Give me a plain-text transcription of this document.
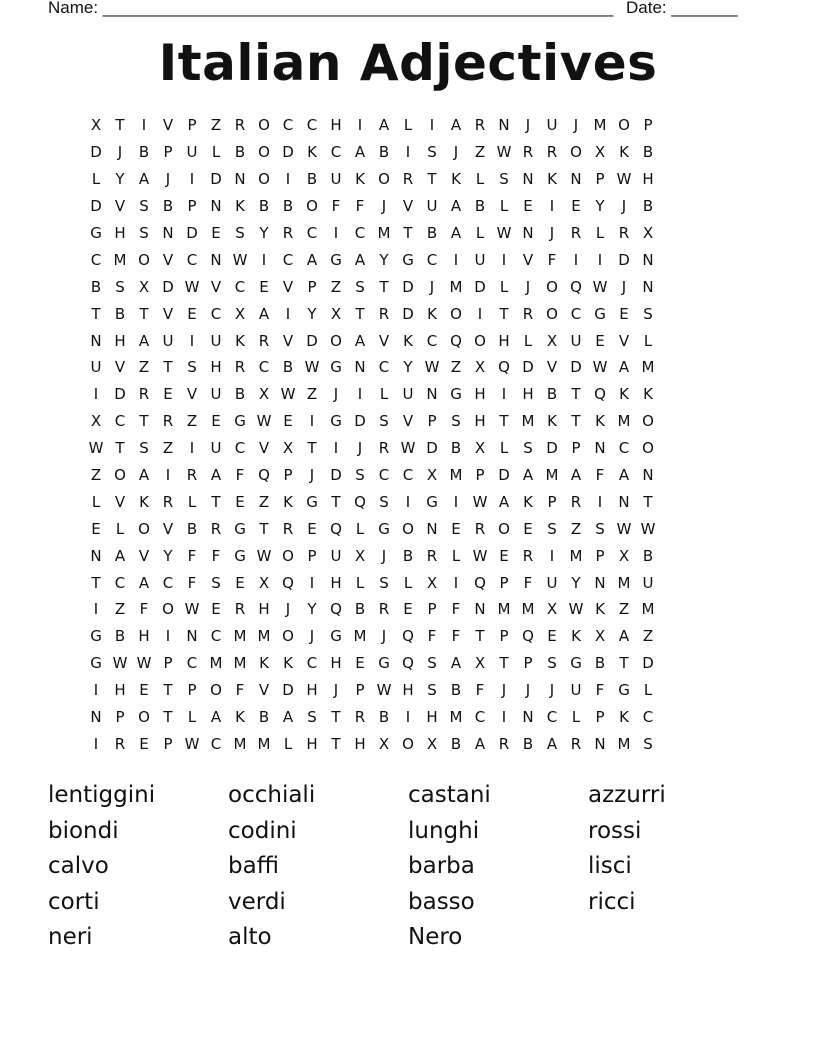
Name: ______________________________________________________ Date: _______
Italian Adjectives
X T	I	V P Z R O C C H	I	A L	I	A R N	J	U	J	M O P
D	J	B P U L B O D K C A B	I	S	J	Z W R R O X K B
L	Y A	J	I	D N O	I	B U K O R T K L	S N K N P W H
D V S B P N K B B O F	F	J	V U A B L	E	I	E Y	J	B
G H S N D E S Y R C	I	C M T B A L W N	J	R L R X
C M O V C N W I	C A G A Y G C	I	U	I	V F	I	I	D N
B S X D W V C E V P Z S T D	J	M D L	J	O Q W J	N
T B T V E C X A	I	Y X T R D K O	I	T R O C G E S
N H A U	I	U K R V D O A V K C Q O H L X U E V L
U V Z T S H R C B W G N C Y W Z X Q D V D W A M
I	D R E V U B X W Z	J	I	L U N G H	I	H B T Q K K
X C T R Z E G W E	I	G D S V P S H T M K T K M O
W T S Z	I	U C V X T	I	J	R W D B X L	S D P N C O
Z O A	I	R A F Q P	J	D S C C X M P D A M A F A N
L V K R L	T E Z K G T Q S	I	G	I W A K P R	I	N T
E	L O V B R G T R E Q L G O N E R O E S Z S W W
N A V Y	F	F G W O P U X	J	B R L W E R	I	M P X B
T C A C F S E X Q	I	H L	S	L X	I	Q P	F U Y N M U
I	Z F O W E R H	J	Y Q B R E P	F N M M X W K Z M
G B H	I	N C M M O	J	G M	J	Q F	F	T P Q E K X A Z
G W W P C M M K K C H E G Q S A X T P S G B T D
I	H E T P O F V D H	J	P W H S B F	J	J	J	U F G L
N P O T	L A K B A S T R B	I	H M C	I	N C L	P K C
I	R E P W C M M L H T H X O X B A R B A R N M S
lentiggini
biondi
calvo
corti
neri
occhiali
codini
baffi
verdi
alto
castani
lunghi
barba
basso
Nero
azzurri
rossi
lisci
ricci
